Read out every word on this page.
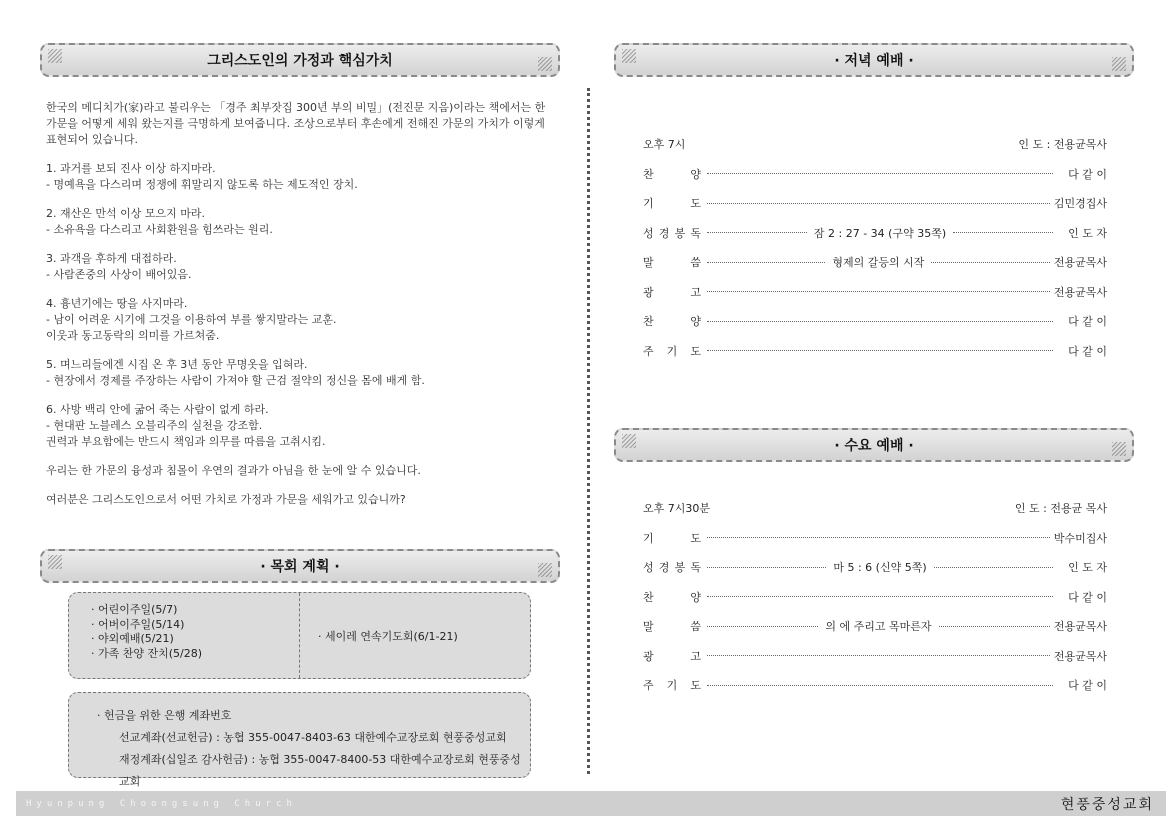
그리스도인의 가정과 핵심가치

한국의 메디치가(家)라고 불리우는 「경주 최부잣집 300년 부의 비밀」(전진문 지음)이라는 책에서는 한 가문을 어떻게 세워 왔는지를 극명하게 보여줍니다. 조상으로부터 후손에게 전해진 가문의 가치가 이렇게 표현되어 있습니다.

1. 과거를 보되 진사 이상 하지마라.
- 명예욕을 다스리며 정쟁에 휘말리지 않도록 하는 제도적인 장치.

2. 재산은 만석 이상 모으지 마라.
- 소유욕을 다스리고 사회환원을 힘쓰라는 원리.

3. 과객을 후하게 대접하라.
- 사람존중의 사상이 배어있음.

4. 흉년기에는 땅을 사지마라.
- 남이 어려운 시기에 그것을 이용하여 부를 쌓지말라는 교훈.
이웃과 동고동락의 의미를 가르쳐줌.

5. 며느리들에겐 시집 온 후 3년 동안 무명옷을 입혀라.
- 현장에서 경제를 주장하는 사람이 가져야 할 근검 절약의 정신을 몸에 배게 함.

6. 사방 백리 안에 굶어 죽는 사람이 없게 하라.
- 현대판 노블레스 오블리주의 실천을 강조함.
권력과 부요함에는 반드시 책임과 의무를 따름을 고취시킴.

우리는 한 가문의 융성과 침몰이 우연의 결과가 아님을 한 눈에 알 수 있습니다.

여러분은 그리스도인으로서 어떤 가치로 가정과 가문을 세워가고 있습니까?

· 목회 계획 ·
· 어린이주일(5/7)
· 어버이주일(5/14)
· 야외예배(5/21)
· 가족 찬양 잔치(5/28)
· 세이레 연속기도회(6/1-21)
· 헌금을 위한 은행 계좌번호
선교계좌(선교헌금) : 농협 355-0047-8403-63 대한예수교장로회 현풍중성교회
재정계좌(십일조 감사헌금) : 농협 355-0047-8400-53 대한예수교장로회 현풍중성교회
· 저녁 예배 ·
오후 7시	인 도 : 전용균목사
찬	양	다 같 이
기	도	김민경집사
성 경 봉 독	잠 2 : 27 - 34 (구약 35쪽)	인 도 자
말	씀	형제의 갈등의 시작	전용균목사
광	고	전용균목사
찬	양	다 같 이
주 기 도	다 같 이
· 수요 예배 ·
오후 7시30분	인 도 : 전용균 목사
기	도	박수미집사
성 경 봉 독	마 5 : 6 (신약 5쪽)	인 도 자
찬	양	다 같 이
말	씀	의 에 주리고 목마른자	전용균목사
광	고	전용균목사
주 기 도	다 같 이
Hyunpung Choongsung Church	현풍중성교회
